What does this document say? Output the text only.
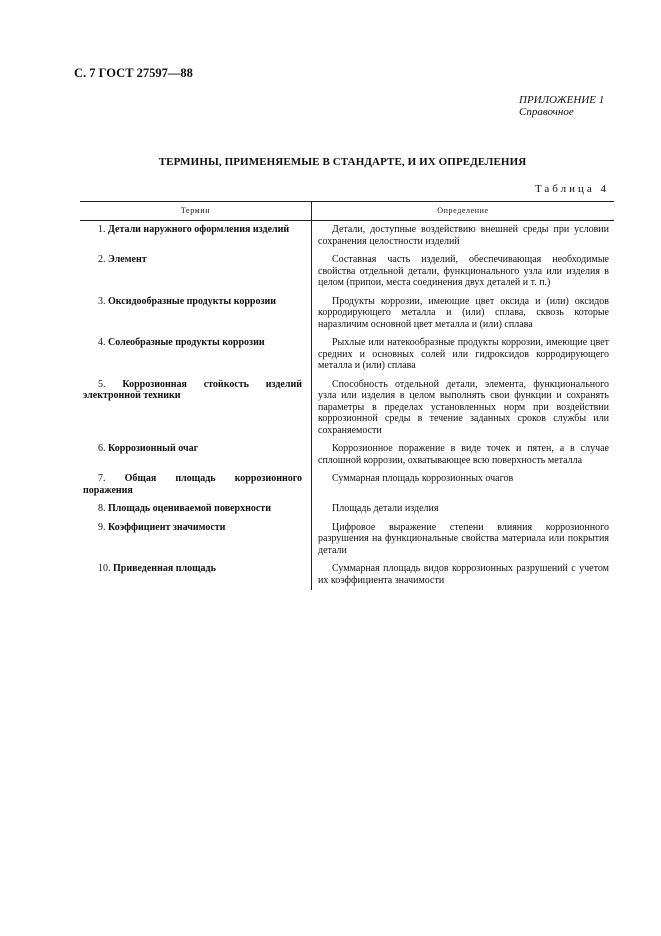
С. 7 ГОСТ 27597—88
ПРИЛОЖЕНИЕ 1
Справочное
ТЕРМИНЫ, ПРИМЕНЯЕМЫЕ В СТАНДАРТЕ, И ИХ ОПРЕДЕЛЕНИЯ
Таблица 4
Термин	Определение
1. Детали наружного оформления изделий	Детали, доступные воздействию внешней среды при условии сохранения целостности изделий
2. Элемент	Составная часть изделий, обеспечивающая необходимые свойства отдельной детали, функционального узла или изделия в целом (припои, места соединения двух деталей и т. п.)
3. Оксидообразные продукты коррозии	Продукты коррозии, имеющие цвет оксида и (или) оксидов корродирующего металла и (или) сплава, сквозь которые наразличим основной цвет металла и (или) сплава
4. Солеобразные продукты коррозии	Рыхлые или натекообразные продукты коррозии, имеющие цвет средних и основных солей или гидроксидов корродирующего металла и (или) сплава
5. Коррозионная стойкость изделий электронной техники	Способность отдельной детали, элемента, функционального узла или изделия в целом выполнять свои функции и сохранять параметры в пределах установленных норм при воздействии коррозионной среды в течение заданных сроков службы или сохраняемости
6. Коррозионный очаг	Коррозионное поражение в виде точек и пятен, а в случае сплошной коррозии, охватывающее всю поверхность металла
7. Общая площадь коррозионного поражения	Суммарная площадь коррозионных очагов
8. Площадь оцениваемой поверхности	Площадь детали изделия
9. Коэффициент значимости	Цифровое выражение степени влияния коррозионного разрушения на функциональные свойства материала или покрытия детали
10. Приведенная площадь	Суммарная площадь видов коррозионных разрушений с учетом их коэффициента значимости
